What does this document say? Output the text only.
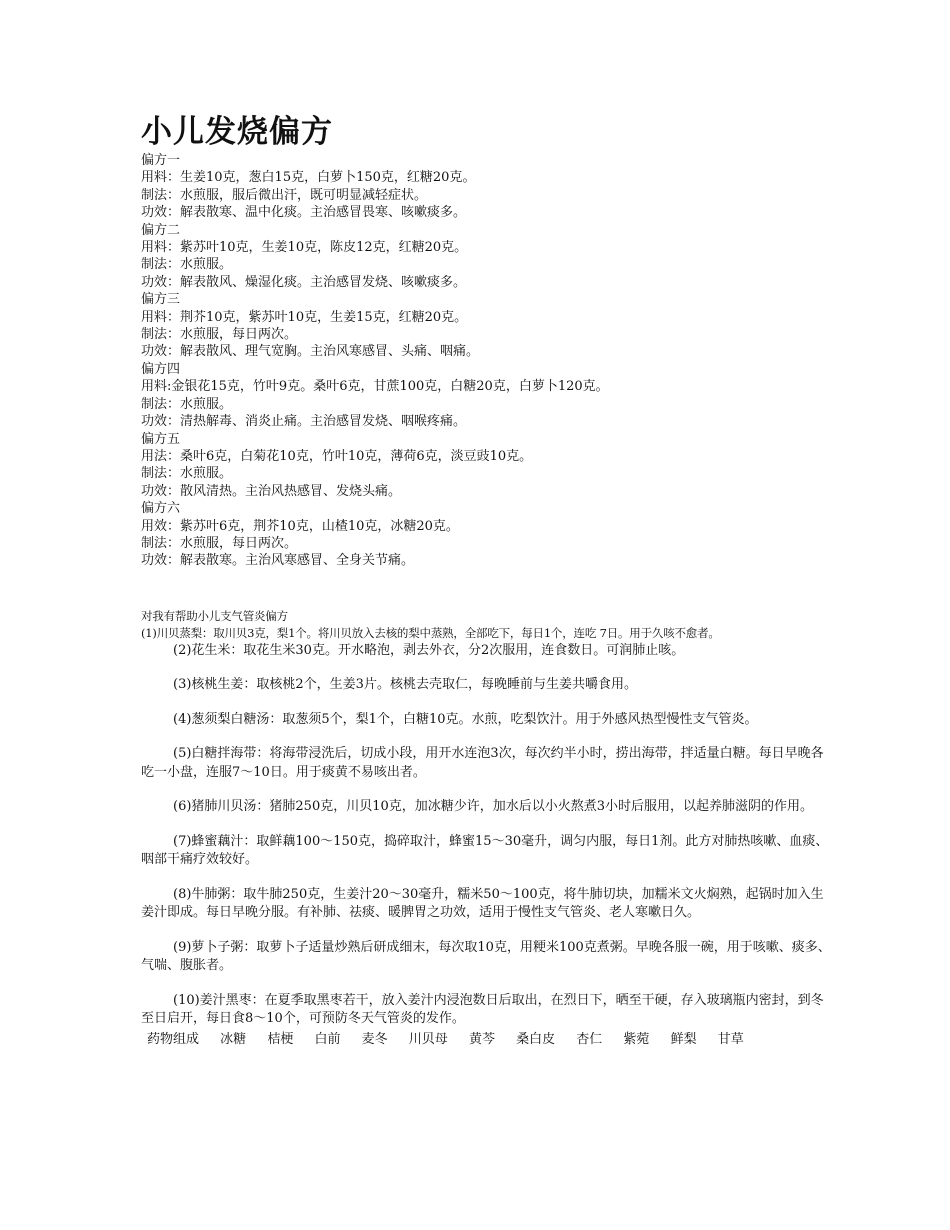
小儿发烧偏方
偏方一
用料：生姜10克，葱白15克，白萝卜150克，红糖20克。
制法：水煎服，服后微出汗，既可明显减轻症状。
功效：解表散寒、温中化痰。主治感冒畏寒、咳嗽痰多。
偏方二
用料：紫苏叶10克，生姜10克，陈皮12克，红糖20克。
制法：水煎服。
功效：解表散风、燥湿化痰。主治感冒发烧、咳嗽痰多。
偏方三
用料：荆芥10克，紫苏叶10克，生姜15克，红糖20克。
制法：水煎服，每日两次。
功效：解表散风、理气宽胸。主治风寒感冒、头痛、咽痛。
偏方四
用料:金银花15克，竹叶9克。桑叶6克，甘蔗100克，白糖20克，白萝卜120克。
制法：水煎服。
功效：清热解毒、消炎止痛。主治感冒发烧、咽喉疼痛。
偏方五
用法：桑叶6克，白菊花10克，竹叶10克，薄荷6克，淡豆豉10克。
制法：水煎服。
功效：散风清热。主治风热感冒、发烧头痛。
偏方六
用效：紫苏叶6克，荆芥10克，山楂10克，冰糖20克。
制法：水煎服，每日两次。
功效：解表散寒。主治风寒感冒、全身关节痛。
对我有帮助小儿支气管炎偏方
(1)川贝蒸梨：取川贝3克，梨1个。将川贝放入去核的梨中蒸熟，全部吃下，每日1个，连吃 7日。用于久咳不愈者。

(2)花生米：取花生米30克。开水略泡，剥去外衣，分2次服用，连食数日。可润肺止咳。

(3)核桃生姜：取核桃2个，生姜3片。核桃去壳取仁，每晚睡前与生姜共嚼食用。

(4)葱须梨白糖汤：取葱须5个，梨1个，白糖10克。水煎，吃梨饮汁。用于外感风热型慢性支气管炎。

(5)白糖拌海带：将海带浸洗后，切成小段，用开水连泡3次，每次约半小时，捞出海带，拌适量白糖。每日早晚各吃一小盘，连服7～10日。用于痰黄不易咳出者。

(6)猪肺川贝汤：猪肺250克，川贝10克，加冰糖少许，加水后以小火熬煮3小时后服用，以起养肺滋阴的作用。

(7)蜂蜜藕汁：取鲜藕100～150克，捣碎取汁，蜂蜜15～30毫升，调匀内服，每日1剂。此方对肺热咳嗽、血痰、咽部干痛疗效较好。

(8)牛肺粥：取牛肺250克，生姜汁20～30毫升，糯米50～100克，将牛肺切块，加糯米文火焖熟，起锅时加入生姜汁即成。每日早晚分服。有补肺、祛痰、暖脾胃之功效，适用于慢性支气管炎、老人寒嗽日久。

(9)萝卜子粥：取萝卜子适量炒熟后研成细末，每次取10克，用粳米100克煮粥。早晚各服一碗，用于咳嗽、痰多、气喘、腹胀者。

(10)姜汁黑枣：在夏季取黑枣若干，放入姜汁内浸泡数日后取出，在烈日下，晒至干硬，存入玻璃瓶内密封，到冬至日启开，每日食8～10个，可预防冬天气管炎的发作。

药物组成 冰糖 桔梗 白前 麦冬 川贝母 黄芩 桑白皮 杏仁 紫菀 鲜梨 甘草
